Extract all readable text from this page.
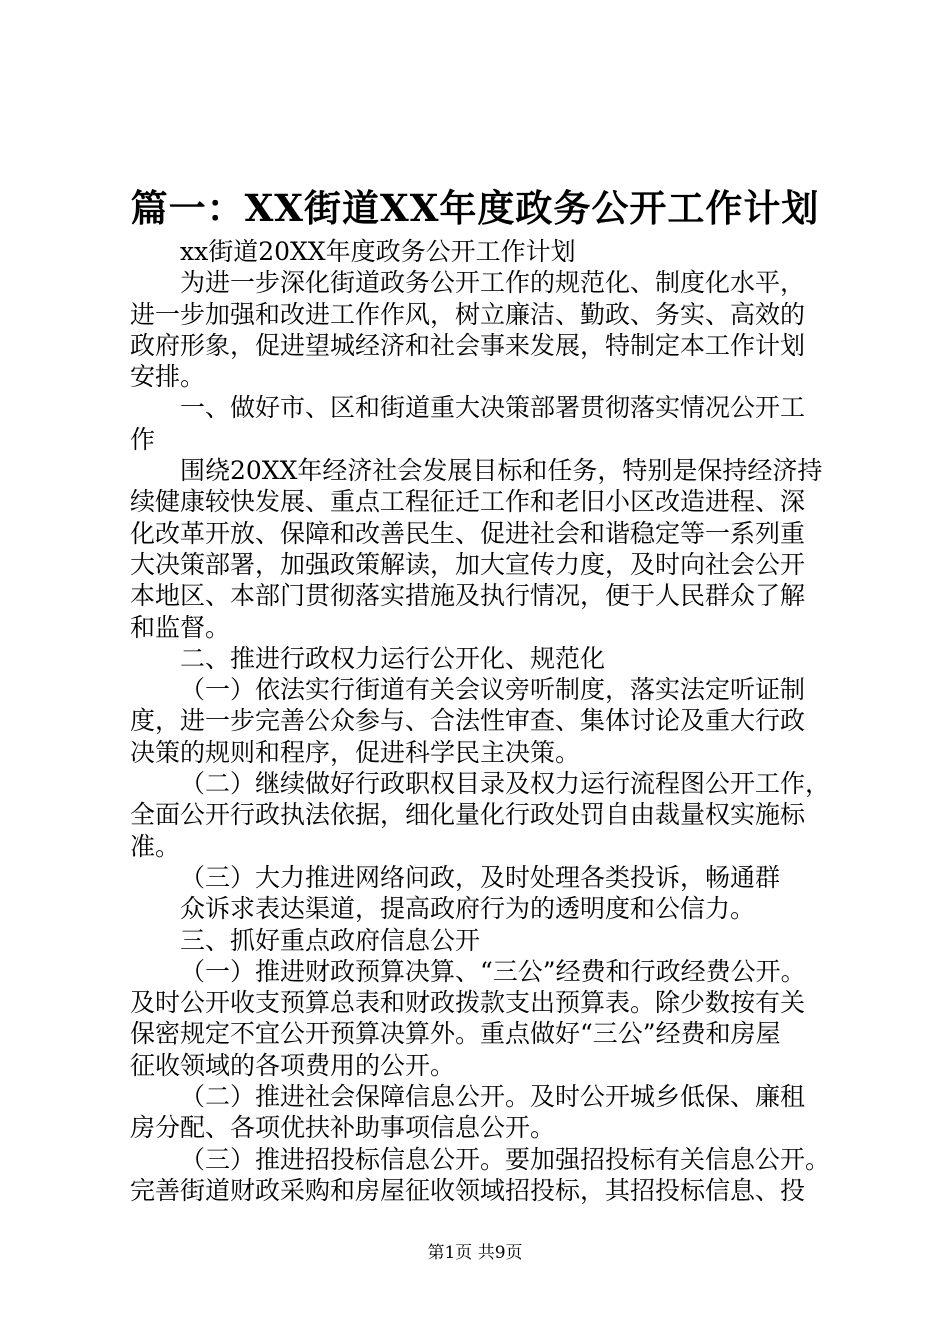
篇一：XX街道XX年度政务公开工作计划
xx街道20XX年度政务公开工作计划
为进一步深化街道政务公开工作的规范化、制度化水平，
进一步加强和改进工作作风，树立廉洁、勤政、务实、高效的
政府形象，促进望城经济和社会事来发展，特制定本工作计划
安排。
一、做好市、区和街道重大决策部署贯彻落实情况公开工
作
围绕20XX年经济社会发展目标和任务，特别是保持经济持
续健康较快发展、重点工程征迁工作和老旧小区改造进程、深
化改革开放、保障和改善民生、促进社会和谐稳定等一系列重
大决策部署，加强政策解读，加大宣传力度，及时向社会公开
本地区、本部门贯彻落实措施及执行情况，便于人民群众了解
和监督。
二、推进行政权力运行公开化、规范化
（一）依法实行街道有关会议旁听制度，落实法定听证制
度，进一步完善公众参与、合法性审查、集体讨论及重大行政
决策的规则和程序，促进科学民主决策。
（二）继续做好行政职权目录及权力运行流程图公开工作，
全面公开行政执法依据，细化量化行政处罚自由裁量权实施标
准。
（三）大力推进网络问政，及时处理各类投诉，畅通群
众诉求表达渠道，提高政府行为的透明度和公信力。
三、抓好重点政府信息公开
（一）推进财政预算决算、“三公”经费和行政经费公开。
及时公开收支预算总表和财政拨款支出预算表。除少数按有关
保密规定不宜公开预算决算外。重点做好“三公”经费和房屋
征收领域的各项费用的公开。
（二）推进社会保障信息公开。及时公开城乡低保、廉租
房分配、各项优扶补助事项信息公开。
（三）推进招投标信息公开。要加强招投标有关信息公开。
完善街道财政采购和房屋征收领域招投标，其招投标信息、投
第1页 共9页
